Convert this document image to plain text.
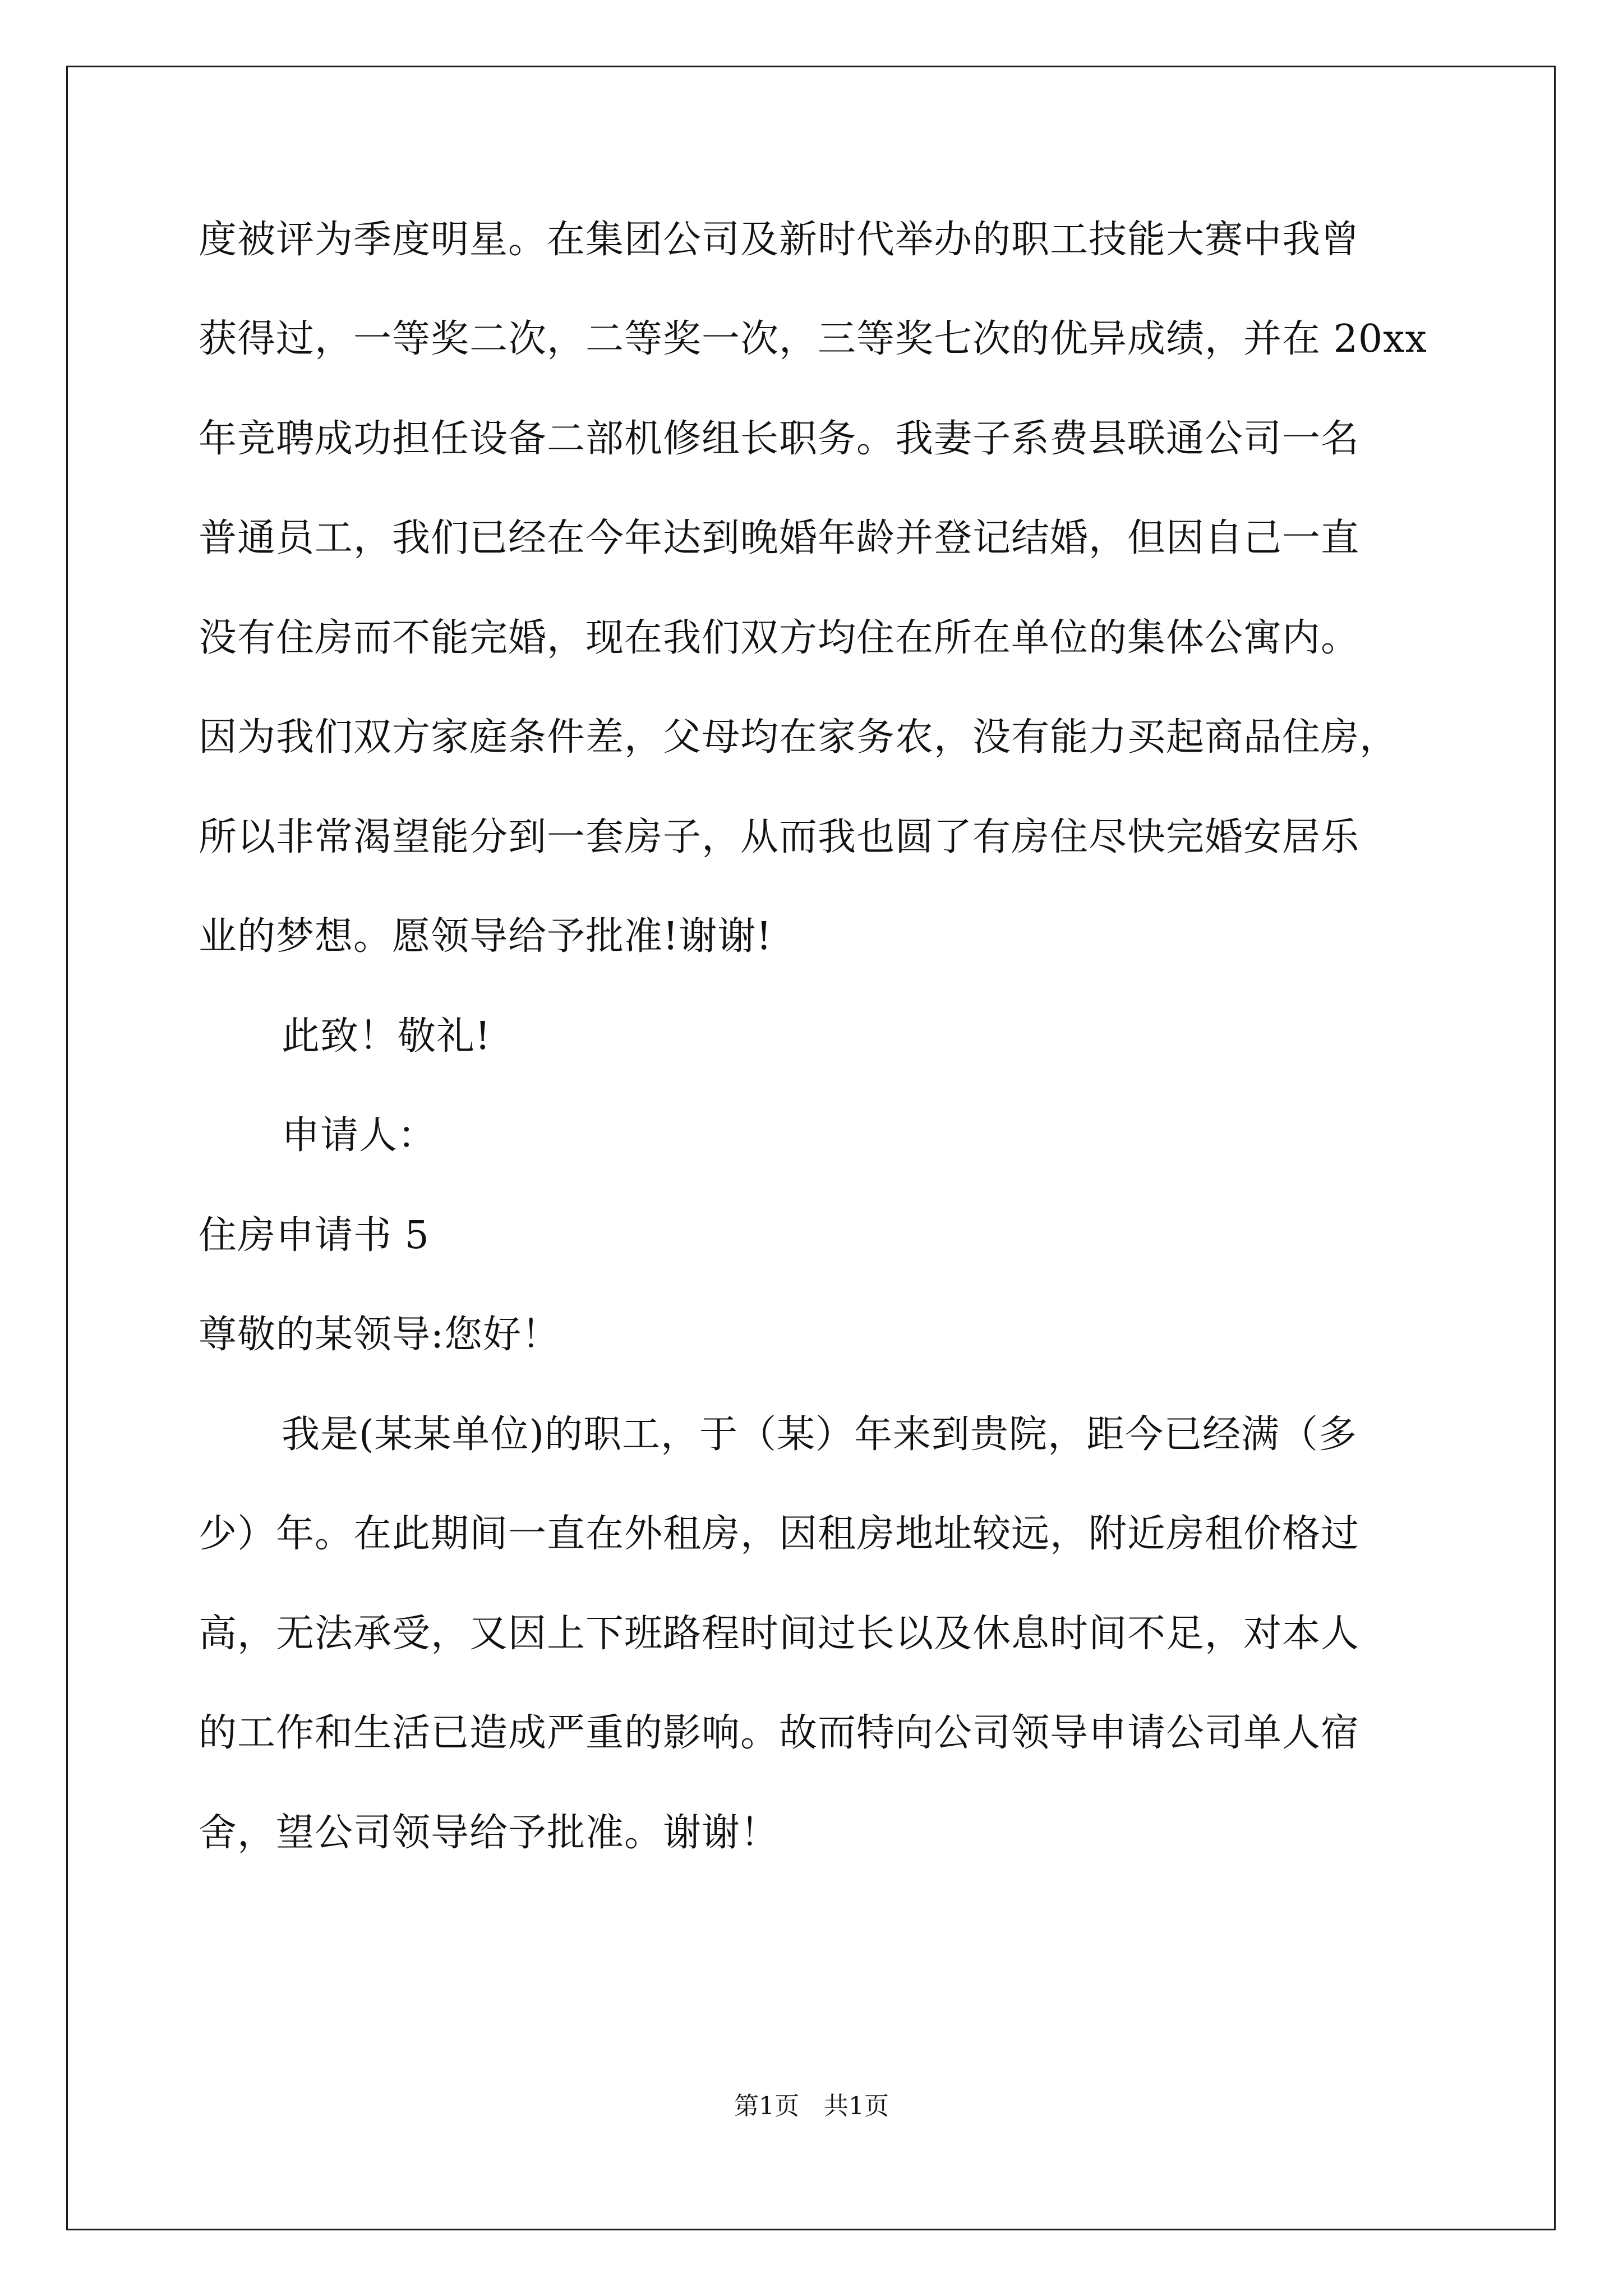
度被评为季度明星。在集团公司及新时代举办的职工技能大赛中我曾
获得过，一等奖二次，二等奖一次，三等奖七次的优异成绩，并在 20xx
年竞聘成功担任设备二部机修组长职务。我妻子系费县联通公司一名
普通员工，我们已经在今年达到晚婚年龄并登记结婚，但因自己一直
没有住房而不能完婚，现在我们双方均住在所在单位的集体公寓内。
因为我们双方家庭条件差，父母均在家务农，没有能力买起商品住房，
所以非常渴望能分到一套房子，从而我也圆了有房住尽快完婚安居乐
业的梦想。愿领导给予批准!谢谢!
此致！敬礼!
申请人：
住房申请书 5
尊敬的某领导:您好！
我是(某某单位)的职工，于（某）年来到贵院，距今已经满（多
少）年。在此期间一直在外租房，因租房地址较远，附近房租价格过
高，无法承受，又因上下班路程时间过长以及休息时间不足，对本人
的工作和生活已造成严重的影响。故而特向公司领导申请公司单人宿
舍，望公司领导给予批准。谢谢！
第1页　共1页
